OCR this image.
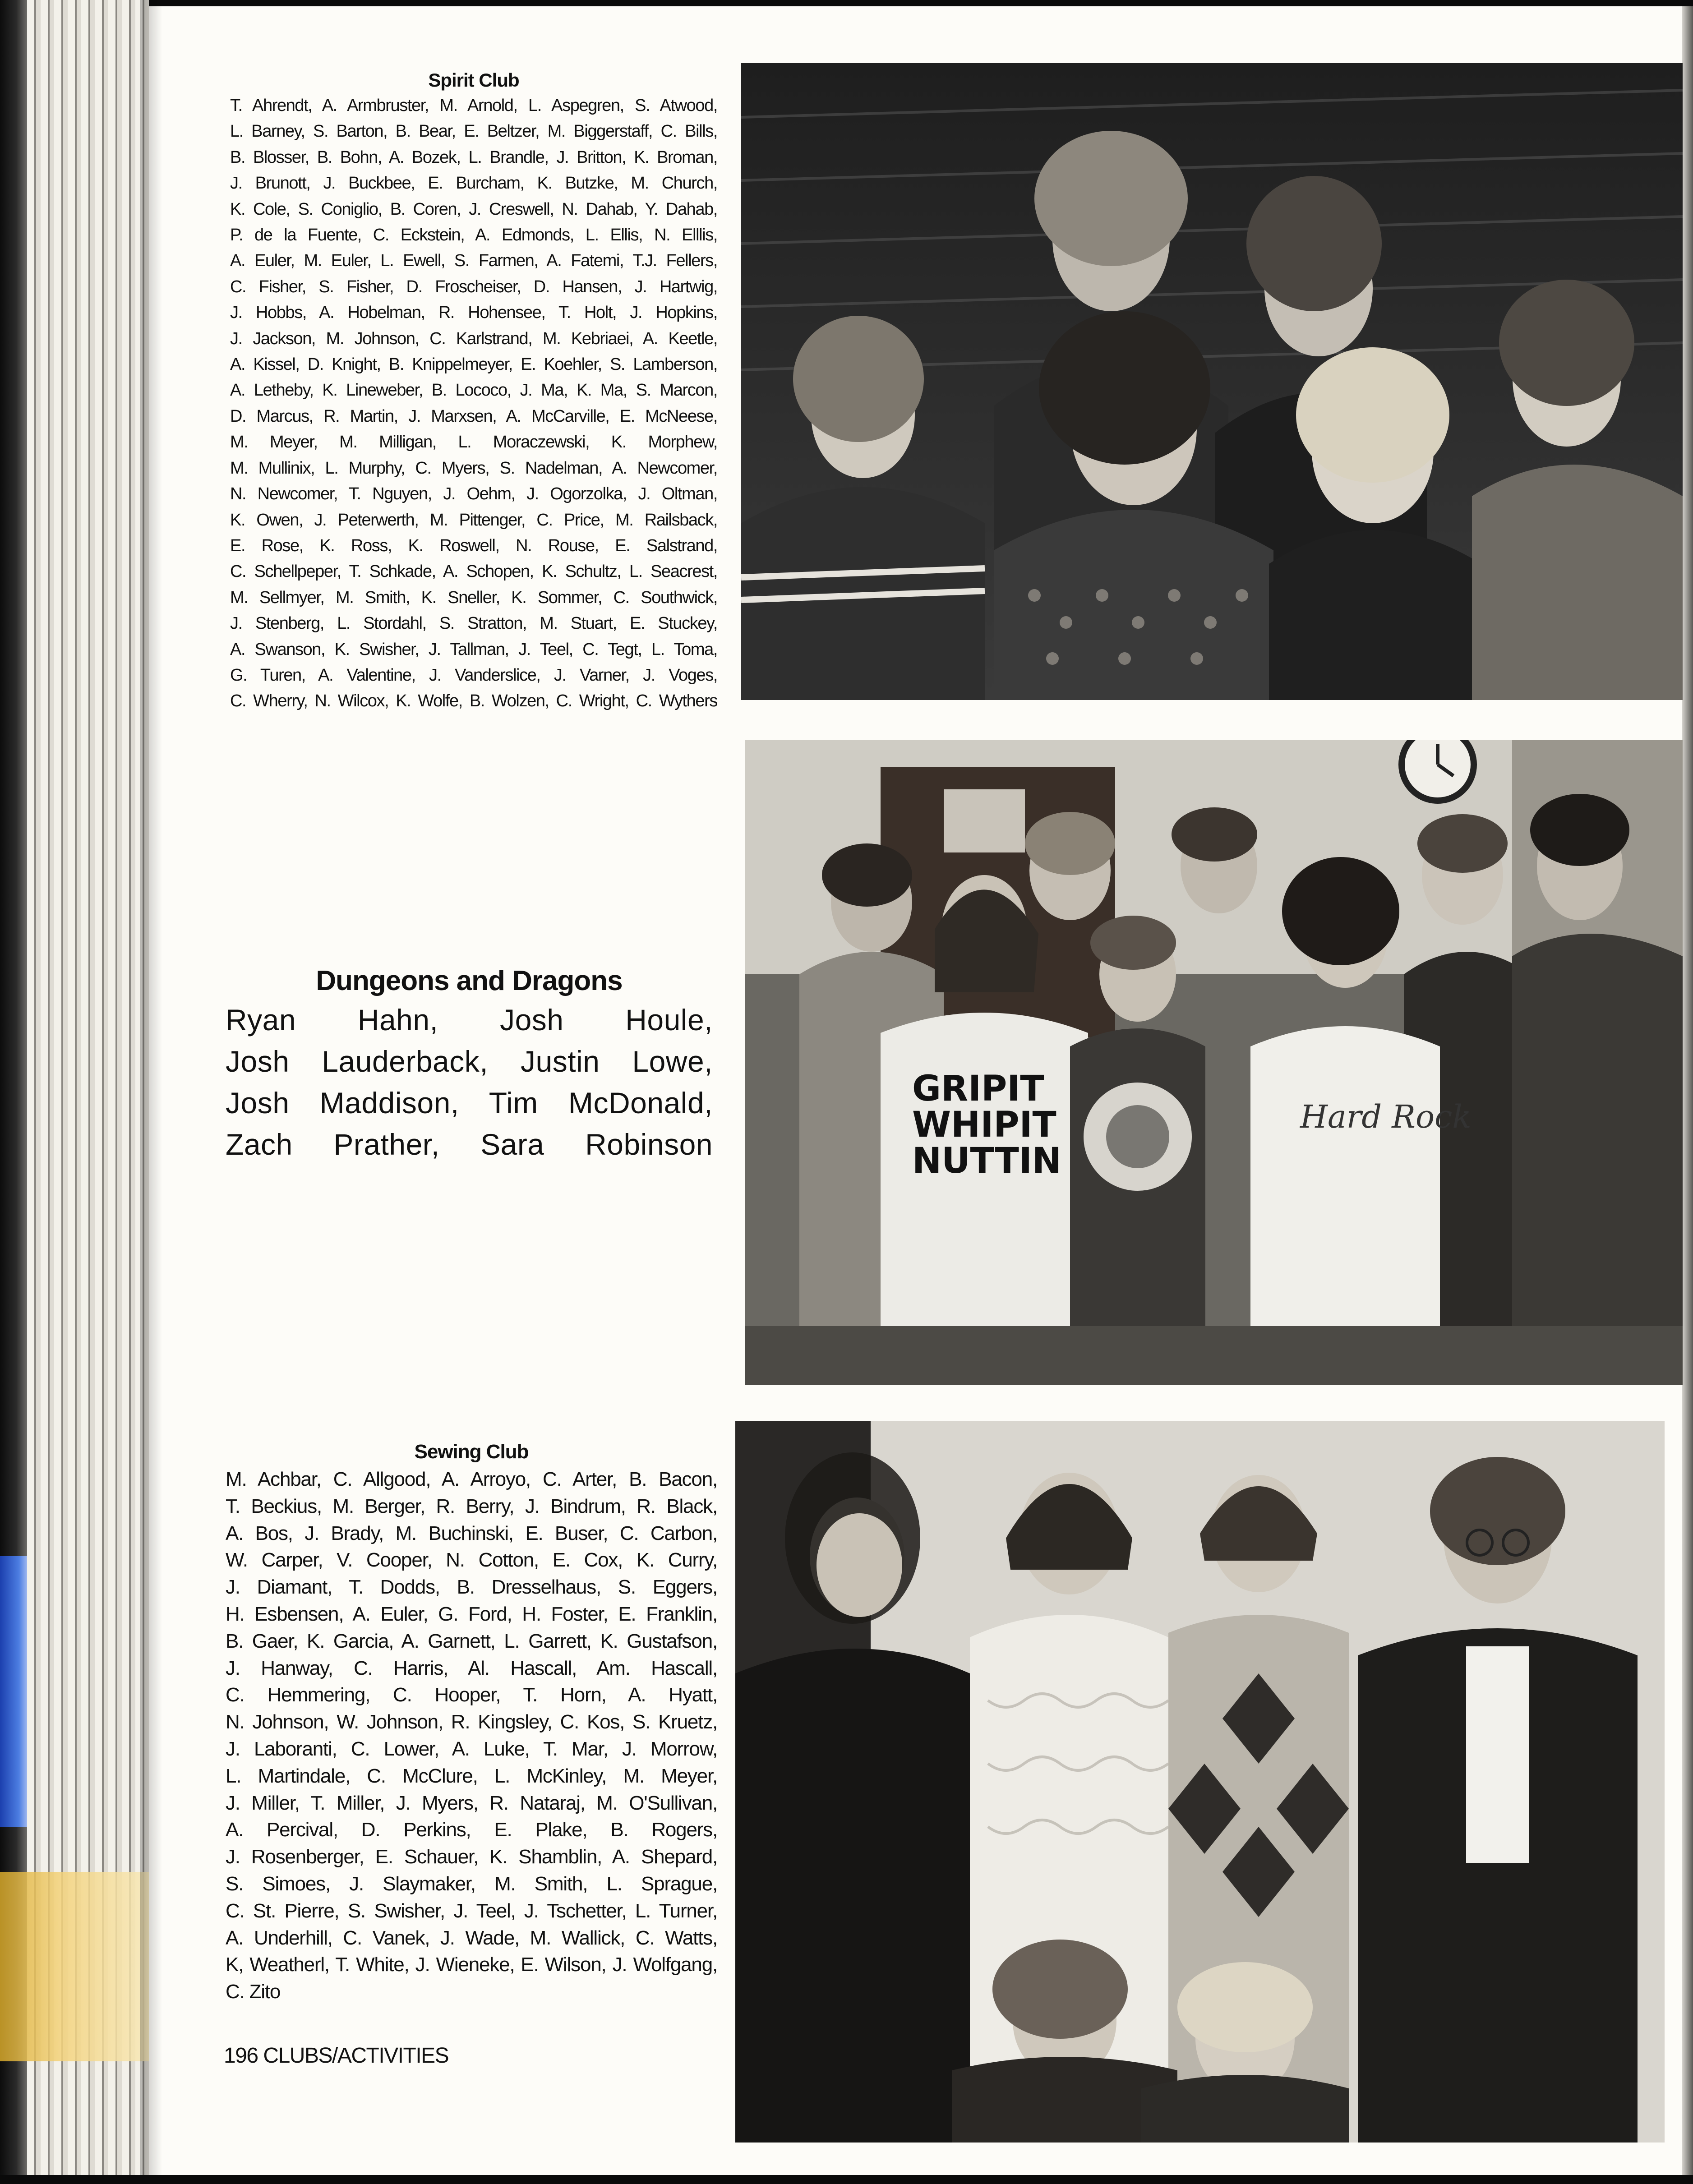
Spirit Club
T. Ahrendt, A. Armbruster, M. Arnold, L. Aspegren, S. Atwood,
L. Barney, S. Barton, B. Bear, E. Beltzer, M. Biggerstaff, C. Bills,
B. Blosser, B. Bohn, A. Bozek, L. Brandle, J. Britton, K. Broman,
J. Brunott, J. Buckbee, E. Burcham, K. Butzke, M. Church,
K. Cole, S. Coniglio, B. Coren, J. Creswell, N. Dahab, Y. Dahab,
P. de la Fuente, C. Eckstein, A. Edmonds, L. Ellis, N. Elllis,
A. Euler, M. Euler, L. Ewell, S. Farmen, A. Fatemi, T.J. Fellers,
C. Fisher, S. Fisher, D. Froscheiser, D. Hansen, J. Hartwig,
J. Hobbs, A. Hobelman, R. Hohensee, T. Holt, J. Hopkins,
J. Jackson, M. Johnson, C. Karlstrand, M. Kebriaei, A. Keetle,
A. Kissel, D. Knight, B. Knippelmeyer, E. Koehler, S. Lamberson,
A. Letheby, K. Lineweber, B. Lococo, J. Ma, K. Ma, S. Marcon,
D. Marcus, R. Martin, J. Marxsen, A. McCarville, E. McNeese,
M. Meyer, M. Milligan, L. Moraczewski, K. Morphew,
M. Mullinix, L. Murphy, C. Myers, S. Nadelman, A. Newcomer,
N. Newcomer, T. Nguyen, J. Oehm, J. Ogorzolka, J. Oltman,
K. Owen, J. Peterwerth, M. Pittenger, C. Price, M. Railsback,
E. Rose, K. Ross, K. Roswell, N. Rouse, E. Salstrand,
C. Schellpeper, T. Schkade, A. Schopen, K. Schultz, L. Seacrest,
M. Sellmyer, M. Smith, K. Sneller, K. Sommer, C. Southwick,
J. Stenberg, L. Stordahl, S. Stratton, M. Stuart, E. Stuckey,
A. Swanson, K. Swisher, J. Tallman, J. Teel, C. Tegt, L. Toma,
G. Turen, A. Valentine, J. Vanderslice, J. Varner, J. Voges,
C. Wherry, N. Wilcox, K. Wolfe, B. Wolzen, C. Wright, C. Wythers
Dungeons and Dragons
Ryan Hahn, Josh Houle,
Josh Lauderback, Justin Lowe,
Josh Maddison, Tim McDonald,
Zach Prather, Sara Robinson
GRIPIT
WHIPIT
NUTTIN
Hard Rock
Sewing Club
M. Achbar, C. Allgood, A. Arroyo, C. Arter, B. Bacon,
T. Beckius, M. Berger, R. Berry, J. Bindrum, R. Black,
A. Bos, J. Brady, M. Buchinski, E. Buser, C. Carbon,
W. Carper, V. Cooper, N. Cotton, E. Cox, K. Curry,
J. Diamant, T. Dodds, B. Dresselhaus, S. Eggers,
H. Esbensen, A. Euler, G. Ford, H. Foster, E. Franklin,
B. Gaer, K. Garcia, A. Garnett, L. Garrett, K. Gustafson,
J. Hanway, C. Harris, Al. Hascall, Am. Hascall,
C. Hemmering, C. Hooper, T. Horn, A. Hyatt,
N. Johnson, W. Johnson, R. Kingsley, C. Kos, S. Kruetz,
J. Laboranti, C. Lower, A. Luke, T. Mar, J. Morrow,
L. Martindale, C. McClure, L. McKinley, M. Meyer,
J. Miller, T. Miller, J. Myers, R. Nataraj, M. O'Sullivan,
A. Percival, D. Perkins, E. Plake, B. Rogers,
J. Rosenberger, E. Schauer, K. Shamblin, A. Shepard,
S. Simoes, J. Slaymaker, M. Smith, L. Sprague,
C. St. Pierre, S. Swisher, J. Teel, J. Tschetter, L. Turner,
A. Underhill, C. Vanek, J. Wade, M. Wallick, C. Watts,
K, Weatherl, T. White, J. Wieneke, E. Wilson, J. Wolfgang,
C. Zito
196 CLUBS/ACTIVITIES
